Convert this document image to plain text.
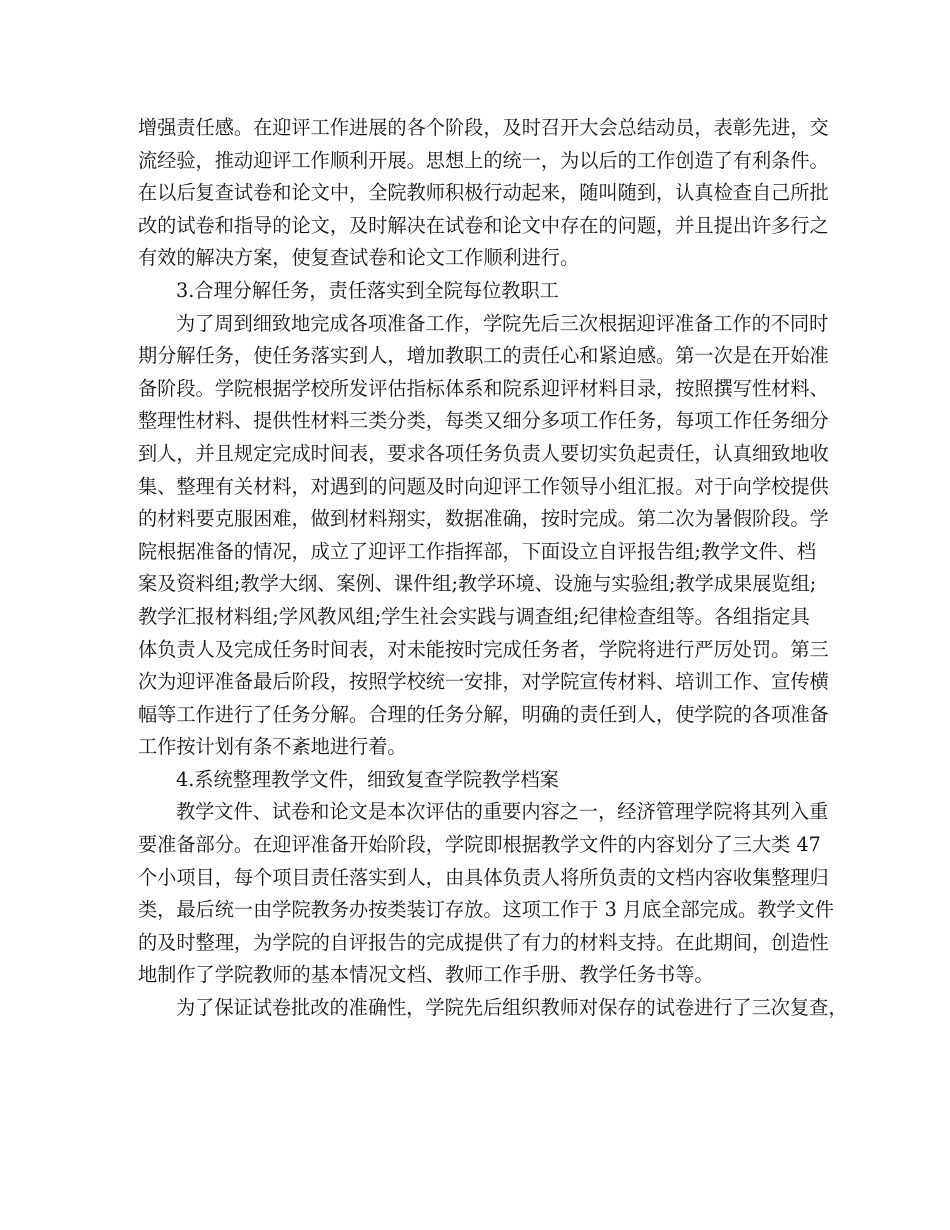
增强责任感。在迎评工作进展的各个阶段，及时召开大会总结动员，表彰先进，交
流经验，推动迎评工作顺利开展。思想上的统一，为以后的工作创造了有利条件。
在以后复查试卷和论文中，全院教师积极行动起来，随叫随到，认真检查自己所批
改的试卷和指导的论文，及时解决在试卷和论文中存在的问题，并且提出许多行之
有效的解决方案，使复查试卷和论文工作顺利进行。
3.合理分解任务，责任落实到全院每位教职工
为了周到细致地完成各项准备工作，学院先后三次根据迎评准备工作的不同时
期分解任务，使任务落实到人，增加教职工的责任心和紧迫感。第一次是在开始准
备阶段。学院根据学校所发评估指标体系和院系迎评材料目录，按照撰写性材料、
整理性材料、提供性材料三类分类，每类又细分多项工作任务，每项工作任务细分
到人，并且规定完成时间表，要求各项任务负责人要切实负起责任，认真细致地收
集、整理有关材料，对遇到的问题及时向迎评工作领导小组汇报。对于向学校提供
的材料要克服困难，做到材料翔实，数据准确，按时完成。第二次为暑假阶段。学
院根据准备的情况，成立了迎评工作指挥部，下面设立自评报告组;教学文件、档
案及资料组;教学大纲、案例、课件组;教学环境、设施与实验组;教学成果展览组;
教学汇报材料组;学风教风组;学生社会实践与调查组;纪律检查组等。各组指定具
体负责人及完成任务时间表，对未能按时完成任务者，学院将进行严厉处罚。第三
次为迎评准备最后阶段，按照学校统一安排，对学院宣传材料、培训工作、宣传横
幅等工作进行了任务分解。合理的任务分解，明确的责任到人，使学院的各项准备
工作按计划有条不紊地进行着。
4.系统整理教学文件，细致复查学院教学档案
教学文件、试卷和论文是本次评估的重要内容之一，经济管理学院将其列入重
要准备部分。在迎评准备开始阶段，学院即根据教学文件的内容划分了三大类 47
个小项目，每个项目责任落实到人，由具体负责人将所负责的文档内容收集整理归
类，最后统一由学院教务办按类装订存放。这项工作于 3 月底全部完成。教学文件
的及时整理，为学院的自评报告的完成提供了有力的材料支持。在此期间，创造性
地制作了学院教师的基本情况文档、教师工作手册、教学任务书等。
为了保证试卷批改的准确性，学院先后组织教师对保存的试卷进行了三次复查，
